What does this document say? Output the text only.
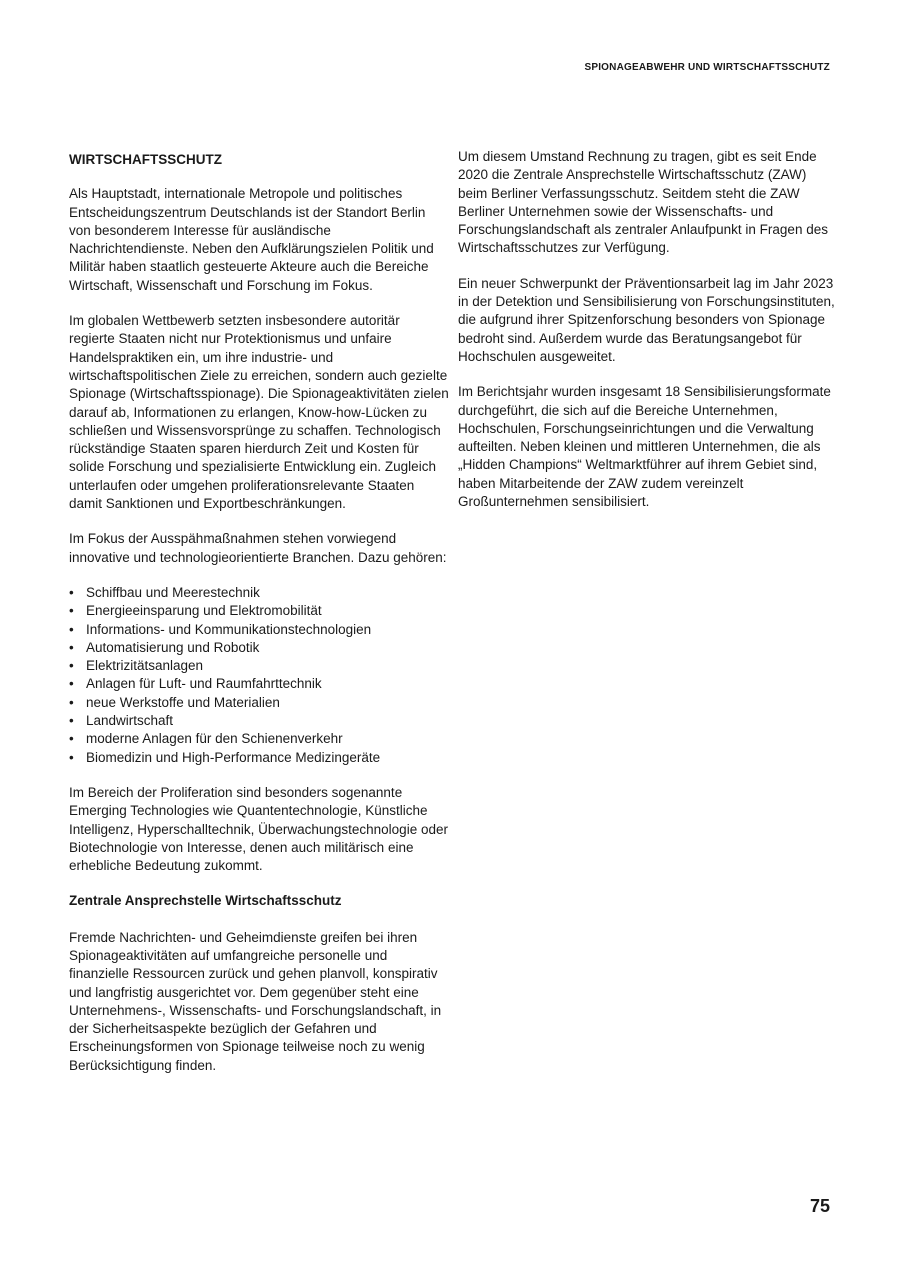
SPIONAGEABWEHR UND WIRTSCHAFTSSCHUTZ
WIRTSCHAFTSSCHUTZ

Als Hauptstadt, internationale Metropole und politisches Entscheidungszentrum Deutschlands ist der Standort Berlin von besonderem Interesse für ausländische Nachrichtendienste. Neben den Aufklärungszielen Politik und Militär haben staatlich gesteuerte Akteure auch die Bereiche Wirtschaft, Wissenschaft und Forschung im Fokus.

Im globalen Wettbewerb setzten insbesondere autoritär regierte Staaten nicht nur Protektionismus und unfaire Handelspraktiken ein, um ihre industrie- und wirtschaftspolitischen Ziele zu erreichen, sondern auch gezielte Spionage (Wirtschaftsspionage). Die Spionageaktivitäten zielen darauf ab, Informationen zu erlangen, Know-how-Lücken zu schließen und Wissensvorsprünge zu schaffen. Technologisch rückständige Staaten sparen hierdurch Zeit und Kosten für solide Forschung und spezialisierte Entwicklung ein. Zugleich unterlaufen oder umgehen proliferationsrelevante Staaten damit Sanktionen und Exportbeschränkungen.

Im Fokus der Ausspähmaßnahmen stehen vorwiegend innovative und technologieorientierte Branchen. Dazu gehören:

• Schiffbau und Meerestechnik
• Energieeinsparung und Elektromobilität
• Informations- und Kommunikationstechnologien
• Automatisierung und Robotik
• Elektrizitätsanlagen
• Anlagen für Luft- und Raumfahrttechnik
• neue Werkstoffe und Materialien
• Landwirtschaft
• moderne Anlagen für den Schienenverkehr
• Biomedizin und High-Performance Medizingeräte

Im Bereich der Proliferation sind besonders sogenannte Emerging Technologies wie Quantentechnologie, Künstliche Intelligenz, Hyperschalltechnik, Überwachungstechnologie oder Biotechnologie von Interesse, denen auch militärisch eine erhebliche Bedeutung zukommt.

Zentrale Ansprechstelle Wirtschaftsschutz

Fremde Nachrichten- und Geheimdienste greifen bei ihren Spionageaktivitäten auf umfangreiche personelle und finanzielle Ressourcen zurück und gehen planvoll, konspirativ und langfristig ausgerichtet vor. Dem gegenüber steht eine Unternehmens-, Wissenschafts- und Forschungslandschaft, in der Sicherheitsaspekte bezüglich der Gefahren und Erscheinungsformen von Spionage teilweise noch zu wenig Berücksichtigung finden.

Um diesem Umstand Rechnung zu tragen, gibt es seit Ende 2020 die Zentrale Ansprechstelle Wirtschaftsschutz (ZAW) beim Berliner Verfassungsschutz. Seitdem steht die ZAW Berliner Unternehmen sowie der Wissenschafts- und Forschungslandschaft als zentraler Anlaufpunkt in Fragen des Wirtschaftsschutzes zur Verfügung.

Ein neuer Schwerpunkt der Präventionsarbeit lag im Jahr 2023 in der Detektion und Sensibilisierung von Forschungsinstituten, die aufgrund ihrer Spitzenforschung besonders von Spionage bedroht sind. Außerdem wurde das Beratungsangebot für Hochschulen ausgeweitet.

Im Berichtsjahr wurden insgesamt 18 Sensibilisierungsformate durchgeführt, die sich auf die Bereiche Unternehmen, Hochschulen, Forschungseinrichtungen und die Verwaltung aufteilten. Neben kleinen und mittleren Unternehmen, die als „Hidden Champions“ Weltmarktführer auf ihrem Gebiet sind, haben Mitarbeitende der ZAW zudem vereinzelt Großunternehmen sensibilisiert.

75
